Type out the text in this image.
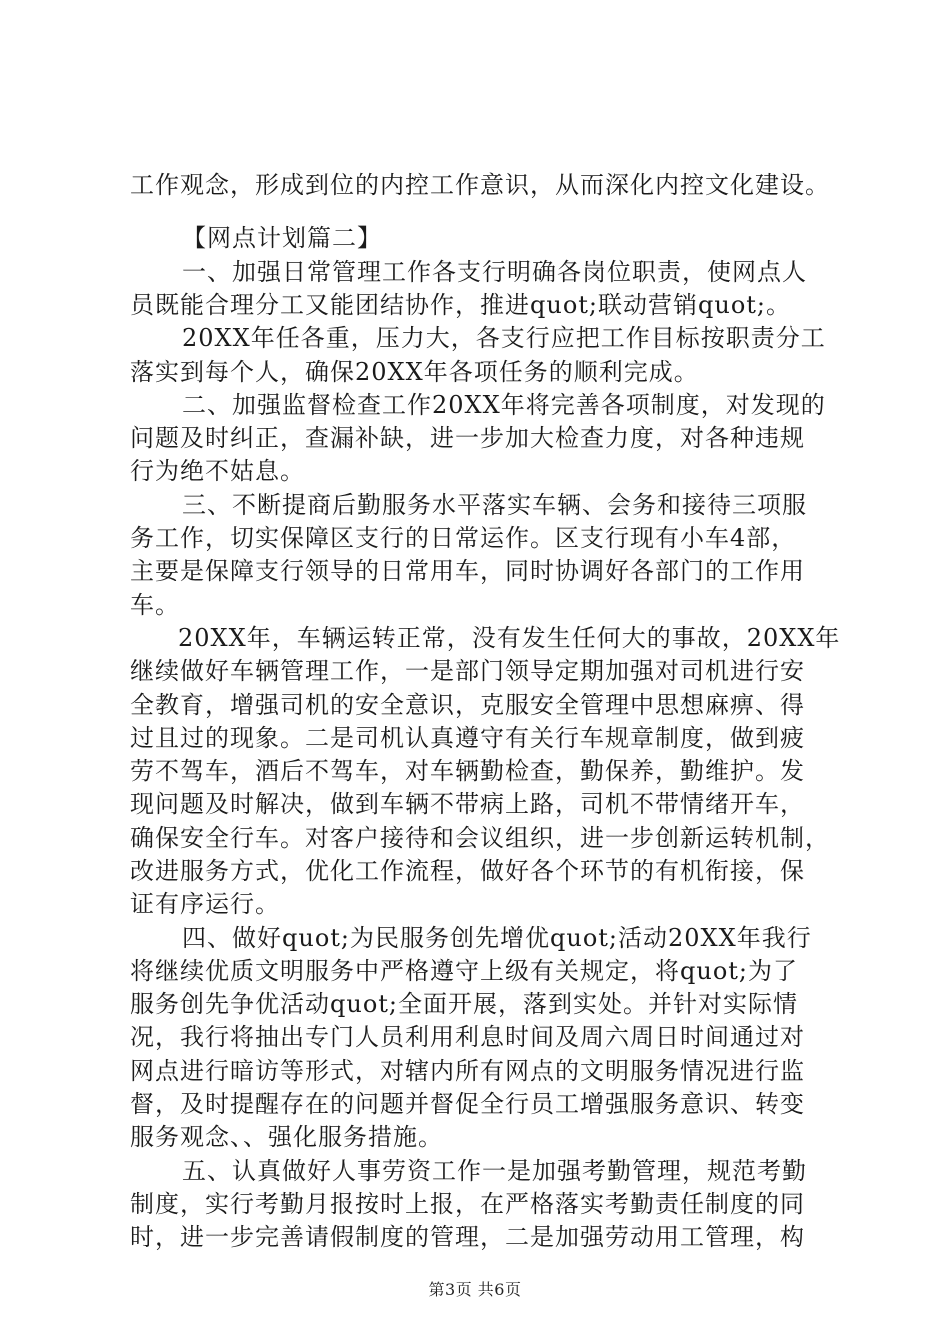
工作观念，形成到位的内控工作意识，从而深化内控文化建设。
【网点计划篇二】
一、加强日常管理工作各支行明确各岗位职责，使网点人
员既能合理分工又能团结协作，推进quot;联动营销quot;。
20XX年任各重，压力大，各支行应把工作目标按职责分工
落实到每个人，确保20XX年各项任务的顺利完成。
二、加强监督检查工作20XX年将完善各项制度，对发现的
问题及时纠正，查漏补缺，进一步加大检查力度，对各种违规
行为绝不姑息。
三、不断提商后勤服务水平落实车辆、会务和接待三项服
务工作，切实保障区支行的日常运作。区支行现有小车4部，
主要是保障支行领导的日常用车，同时协调好各部门的工作用
车。
20XX年，车辆运转正常，没有发生任何大的事故，20XX年
继续做好车辆管理工作，一是部门领导定期加强对司机进行安
全教育，增强司机的安全意识，克服安全管理中思想麻痹、得
过且过的现象。二是司机认真遵守有关行车规章制度，做到疲
劳不驾车，酒后不驾车，对车辆勤检查，勤保养，勤维护。发
现问题及时解决，做到车辆不带病上路，司机不带情绪开车，
确保安全行车。对客户接待和会议组织，进一步创新运转机制，
改进服务方式，优化工作流程，做好各个环节的有机衔接，保
证有序运行。
四、做好quot;为民服务创先增优quot;活动20XX年我行
将继续优质文明服务中严格遵守上级有关规定，将quot;为了
服务创先争优活动quot;全面开展，落到实处。并针对实际情
况，我行将抽出专门人员利用利息时间及周六周日时间通过对
网点进行暗访等形式，对辖内所有网点的文明服务情况进行监
督，及时提醒存在的问题并督促全行员工增强服务意识、转变
服务观念、、强化服务措施。
五、认真做好人事劳资工作一是加强考勤管理，规范考勤
制度，实行考勤月报按时上报，在严格落实考勤责任制度的同
时，进一步完善请假制度的管理，二是加强劳动用工管理，构
第3页 共6页
